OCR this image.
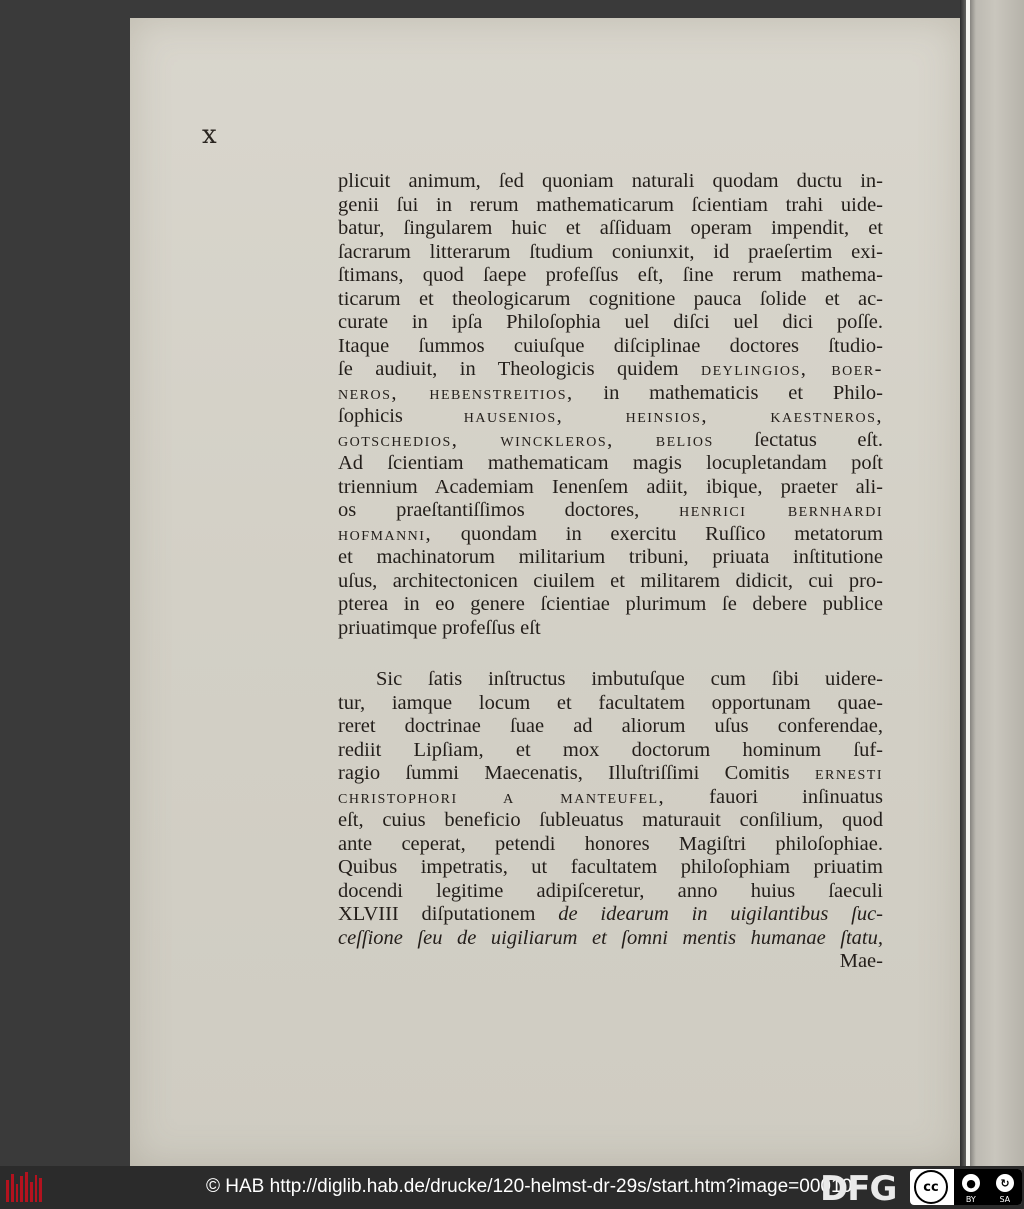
x
plicuit animum, ſed quoniam naturali quodam ductu in-
genii ſui in rerum mathematicarum ſcientiam trahi uide-
batur, ſingularem huic et aſſiduam operam impendit, et
ſacrarum litterarum ſtudium coniunxit, id praeſertim exi-
ſtimans, quod ſaepe profeſſus eſt, ſine rerum mathema-
ticarum et theologicarum cognitione pauca ſolide et ac-
curate in ipſa Philoſophia uel diſci uel dici poſſe.
Itaque ſummos cuiuſque diſciplinae doctores ſtudio-
ſe audiuit, in Theologicis quidem deylingios, boer-
neros, hebenstreitios, in mathematicis et Philo-
ſophicis hausenios, heinsios, kaestneros,
gotschedios, winckleros, belios ſectatus eſt.
Ad ſcientiam mathematicam magis locupletandam poſt
triennium Academiam Ienenſem adiit, ibique, praeter ali-
os praeſtantiſſimos doctores, henrici bernhardi
hofmanni, quondam in exercitu Ruſſico metatorum
et machinatorum militarium tribuni, priuata inſtitutione
uſus, architectonicen ciuilem et militarem didicit, cui pro-
pterea in eo genere ſcientiae plurimum ſe debere publice
priuatimque profeſſus eſt
Sic ſatis inſtructus imbutuſque cum ſibi uidere-
tur, iamque locum et facultatem opportunam quae-
reret doctrinae ſuae ad aliorum uſus conferendae,
rediit Lipſiam, et mox doctorum hominum ſuf-
ragio ſummi Maecenatis, Illuſtriſſimi Comitis ernesti
christophori a manteufel, fauori inſinuatus
eſt, cuius beneficio ſubleuatus maturauit conſilium, quod
ante ceperat, petendi honores Magiſtri philoſophiae.
Quibus impetratis, ut facultatem philoſophiam priuatim
docendi legitime adipiſceretur, anno huius ſaeculi
XLVIII diſputationem de idearum in uigilantibus ſuc-
ceſſione ſeu de uigiliarum et ſomni mentis humanae ſtatu,
Mae-
© HAB http://diglib.hab.de/drucke/120-helmst-dr-29s/start.htm?image=00010
DFG	cc	●	↻
BY	SA
